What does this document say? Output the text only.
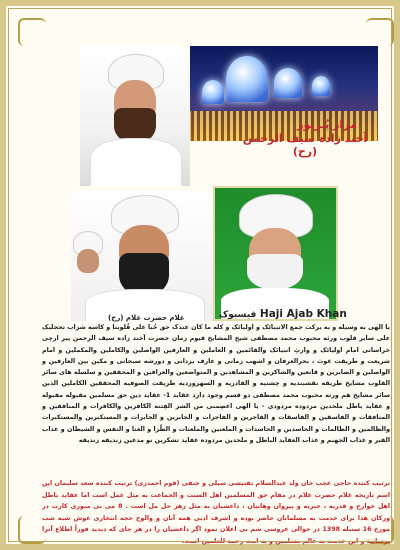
مزار پُـرنور
آخند زادہ سیف الرحمن (رح)
غلام حضرت غلام (رح)	فیسبوک Haji Ajab Khan
یا الهی به وسیله و به برکت جمع الانبیائک و اولیائک و کله ما کان عندک حق خُبا علی قُلوبنا و کاسه شراب تحجلیک علی سایر قلوب ورثه محبوب محمد مصطفی شیخ المشایخ قیوم زمان حضرت آخند زاده سیف الرحمن پیر ارچی خراسانی امام اولیائک و وارثِ انبیائک والقائمین و العاملین و العارفین الواصلین والکاملین والمکملین و امام شریعت و طریقت غوث ، بحرالعرفان و اشهب زمانی و عارف یزدانی و دورشه سبحانی و مکین بین العارفین و الواصلین و الصابرین و قانعین والشاکرین و المشاهدین و المتواضعین والعرافین و المحققین و سلسله های سائر القلوب مشایخ طریقه نقشبندیه و چشتیه و القادریه و السهروردیه طریقت الصوفیه المحققین الکاملین الذین سائر مشایخ هم ورثه محبوب محمد مصطفی دو قسم وجود دارد عقاید 1- عقاید دین حق مسلمین مقبوله مقبوله و عقاید باطل ملحدین مردوده مردودی - یا الهی اعصِمنی من الشر الفِتنه الکافرین والکافرات و المنافقین و المنافقات و الفاسقین و الفاسقات و الفاجرین و الفاجرات و الجابرین و الجابرات و المستکبرین والمستکبرات والظالمین و الظالمات و الحاسدین و الحاسدات و الملعنین والملعنات و الطُرا و الغنا و النفس و الشیطان و عذاب القبر و عذاب الجهنم و عذاب العقاید الباطل و ملحدین مردوده عقاید تشکرین نو مدعین زندیقه زندیقه
ترتیب کننده حاجی عجب خان ولد عبدالسلام تفتیشی سیلی و حنفی (قوم احمدزی) ترتیب کننده سعد سلیمان این اسم تاریخه غلام حضرت غلام در مقام حق المسلمین اهل السنت و الجماعت به مثل عمل است اما عقاید باطل اهل خوارج و قدریه ، جبریه و پیروان وهابیان ، داعشیان به مثل زهر حل مل است . 8 می بی مبوری کارت در ورکان هذا برای خدمت به مسلمانان حاضر بوده و اشرف ادبی همه آنان و والوح حجه انتخاری عوش شبه شب مورخ 16 سنبله 1398 در حوالی عروسی شم بی اعلان نمود اگر داعشیان را در هر جای که دیدید فوراً اطلاع آنرا برسانید و این خدمت به عالم مسلمین و به امت رحمة للعلمین است.
